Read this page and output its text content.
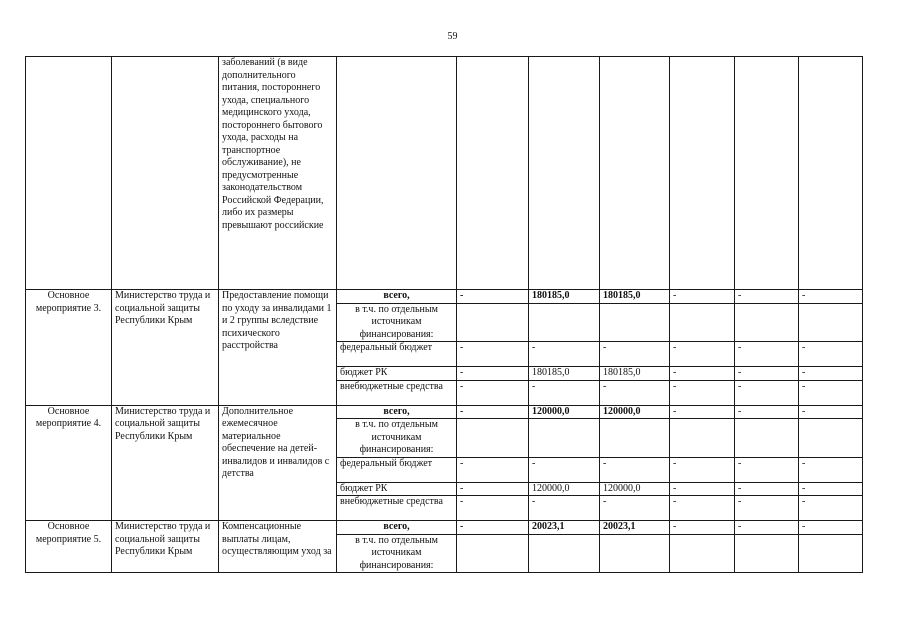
59
		заболеваний (в виде дополнительного питания, постороннего ухода, специального медицинского ухода, постороннего бытового ухода, расходы на транспортное обслуживание), не предусмотренные законодательством Российской Федерации, либо их размеры превышают российские							
Основное мероприятие 3.	Министерство труда и социальной защиты Республики Крым	Предоставление помощи по уходу за инвалидами 1 и 2 группы вследствие психического расстройства	всего,	-	180185,0	180185,0	-	-	-
			в т.ч. по отдельным источникам финансирования:						
			федеральный бюджет	-	-	-	-	-	-
			бюджет РК	-	180185,0	180185,0	-	-	-
			внебюджетные средства	-	-	-	-	-	-
Основное мероприятие 4.	Министерство труда и социальной защиты Республики Крым	Дополнительное ежемесячное материальное обеспечение на детей-инвалидов и инвалидов с детства	всего,	-	120000,0	120000,0	-	-	-
			в т.ч. по отдельным источникам финансирования:						
			федеральный бюджет	-	-	-	-	-	-
			бюджет РК	-	120000,0	120000,0	-	-	-
			внебюджетные средства	-	-	-	-	-	-
Основное мероприятие 5.	Министерство труда и социальной защиты Республики Крым	Компенсационные выплаты лицам, осуществляющим уход за	всего,	-	20023,1	20023,1	-	-	-
			в т.ч. по отдельным источникам финансирования:						
